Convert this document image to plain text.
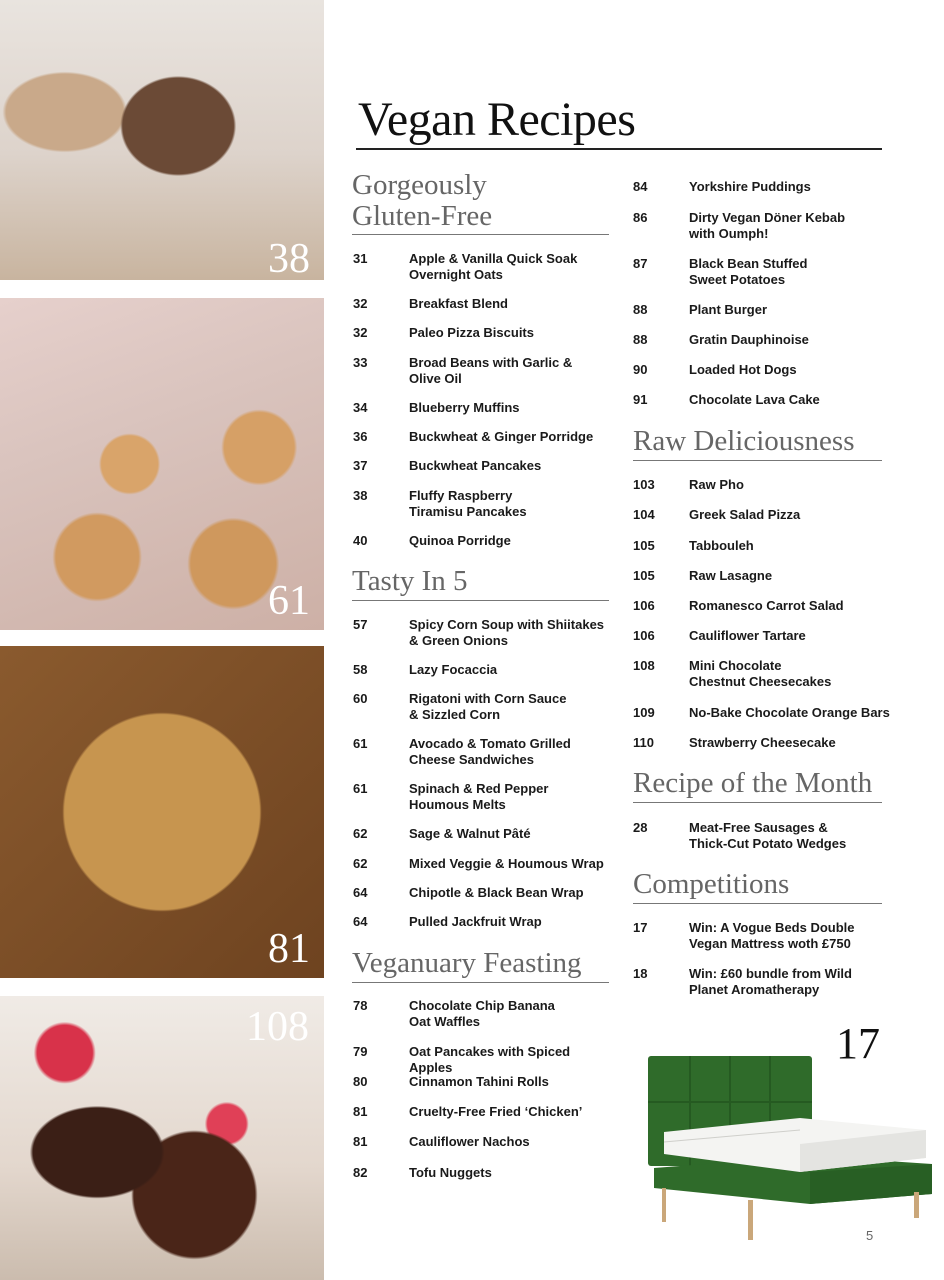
38
61
81
108
Vegan Recipes
Gorgeously
Gluten-Free
31	Apple & Vanilla Quick Soak
Overnight Oats
32	Breakfast Blend
32	Paleo Pizza Biscuits
33	Broad Beans with Garlic &
Olive Oil
34	Blueberry Muffins
36	Buckwheat & Ginger Porridge
37	Buckwheat Pancakes
38	Fluffy Raspberry
Tiramisu Pancakes
40	Quinoa Porridge
Tasty In 5
57	Spicy Corn Soup with Shiitakes
& Green Onions
58	Lazy Focaccia
60	Rigatoni with Corn Sauce
& Sizzled Corn
61	Avocado & Tomato Grilled
Cheese Sandwiches
61	Spinach & Red Pepper
Houmous Melts
62	Sage & Walnut Pâté
62	Mixed Veggie & Houmous Wrap
64	Chipotle & Black Bean Wrap
64	Pulled Jackfruit Wrap
Veganuary Feasting
78	Chocolate Chip Banana
Oat Waffles
79	Oat Pancakes with Spiced Apples
80	Cinnamon Tahini Rolls
81	Cruelty-Free Fried ‘Chicken’
81	Cauliflower Nachos
82	Tofu Nuggets
84	Yorkshire Puddings
86	Dirty Vegan Döner Kebab
with Oumph!
87	Black Bean Stuffed
Sweet Potatoes
88	Plant Burger
88	Gratin Dauphinoise
90	Loaded Hot Dogs
91	Chocolate Lava Cake
Raw Deliciousness
103	Raw Pho
104	Greek Salad Pizza
105	Tabbouleh
105	Raw Lasagne
106	Romanesco Carrot Salad
106	Cauliflower Tartare
108	Mini Chocolate
Chestnut Cheesecakes
109	No-Bake Chocolate Orange Bars
110	Strawberry Cheesecake
Recipe of the Month
28	Meat-Free Sausages &
Thick-Cut Potato Wedges
Competitions
17	Win: A Vogue Beds Double
Vegan Mattress woth £750
18	Win: £60 bundle from Wild
Planet Aromatherapy
17
5
